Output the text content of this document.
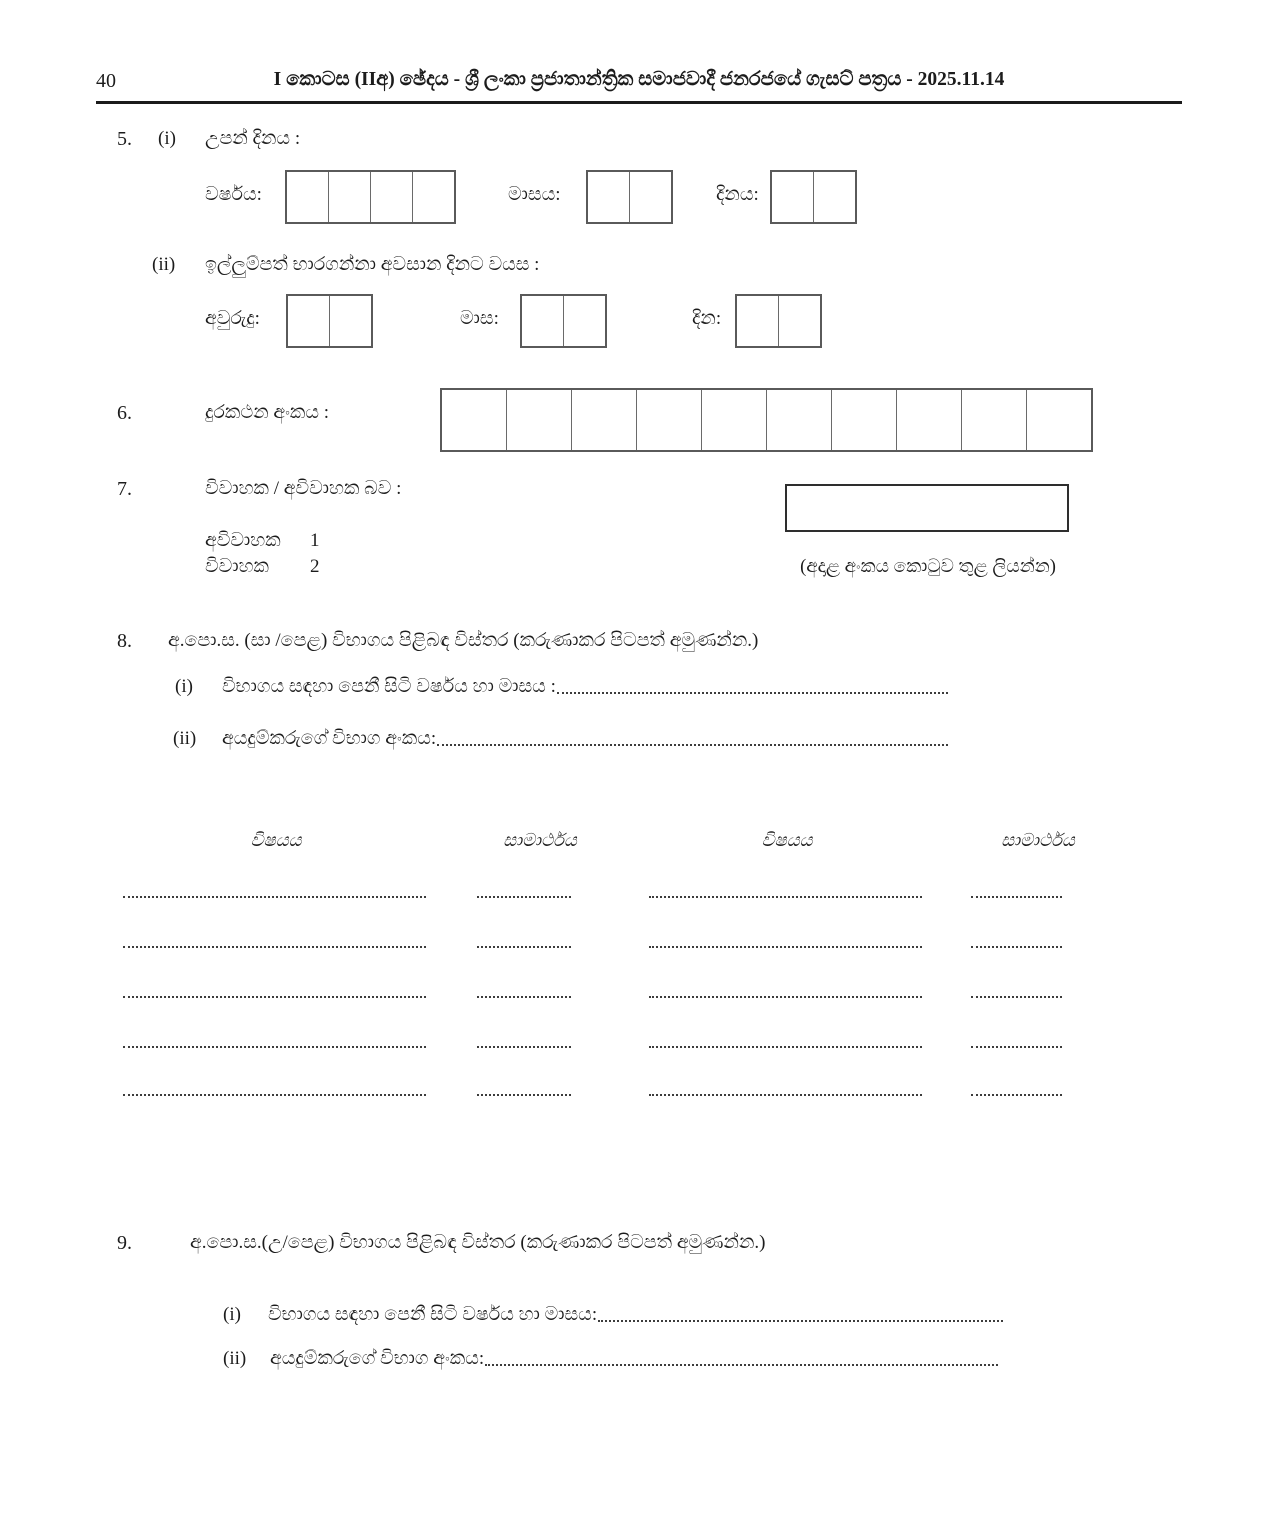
40	I කොටස (IIඅ) ඡේදය - ශ්‍රී ලංකා ප්‍රජාතාන්ත්‍රික සමාජවාදී ජනරජයේ ගැසට් පත්‍රය - 2025.11.14
5. (i) උපන් දිනය :
වර්ෂය:	මාසය:	දිනය:
(ii) ඉල්ලුම්පත් භාරගන්නා අවසාන දිනට වයස :
අවුරුදු:	මාස:	දින:
6.	දුරකථන අංකය :
7.	විවාහක / අවිවාහක බව :
අවිවාහක 1
විවාහක 2	(අදාළ අංකය කොටුව තුළ ලියන්න)
8. අ.පො.ස. (සා /පෙළ) විභාගය පිළිබඳ විස්තර (කරුණාකර පිටපත් අමුණන්න.)
(i)	විභාගය සඳහා පෙනී සිටි වර්ෂය හා මාසය :
(ii)	අයදුම්කරුගේ විභාග අංකය:
විෂයය	සාමාර්ථය	විෂයය	සාමාර්ථය
9.	අ.පො.ස.(උ/පෙළ) විභාගය පිළිබඳ විස්තර (කරුණාකර පිටපත් අමුණන්න.)
(i)	විභාගය සඳහා පෙනී සිටි වර්ෂය හා මාසය:
(ii)	අයදුම්කරුගේ විභාග අංකය:
